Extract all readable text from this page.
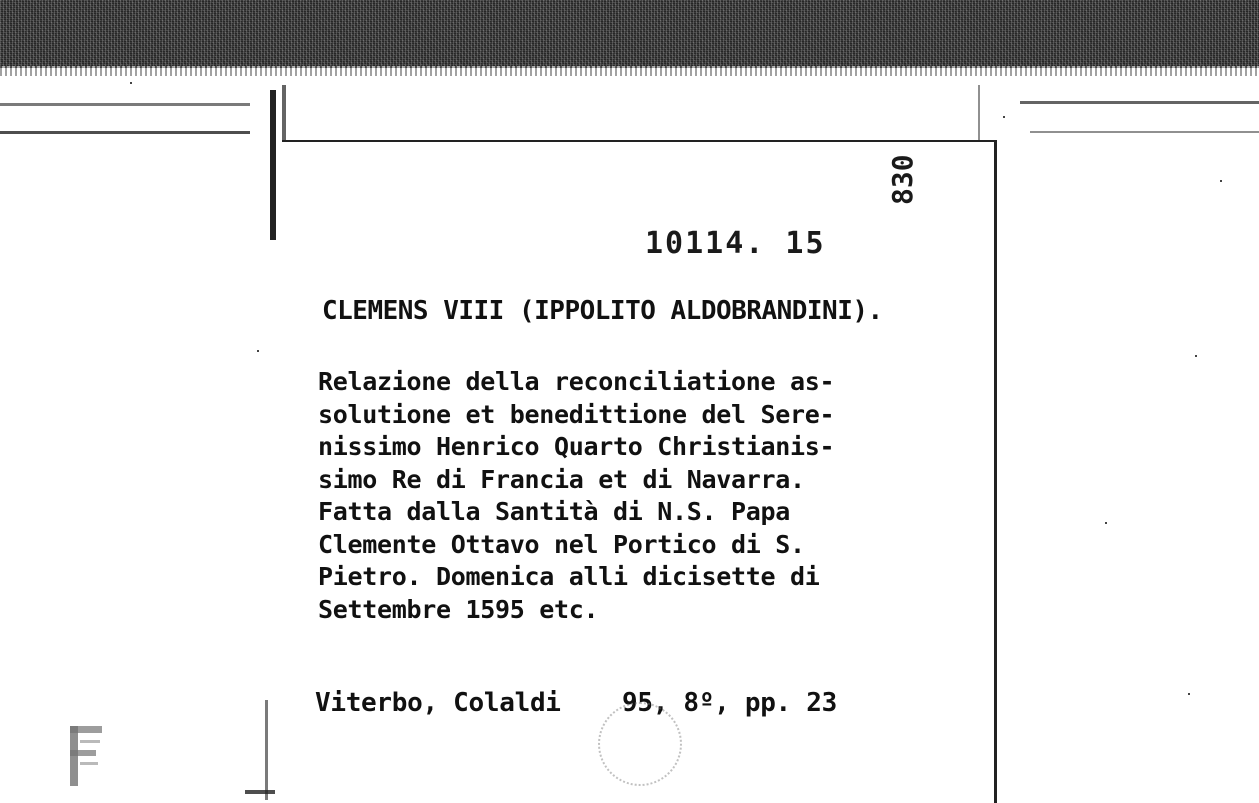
10114. 15
830
CLEMENS VIII (IPPOLITO ALDOBRANDINI).
Relazione della reconciliatione as-
solutione et benedittione del Sere-
nissimo Henrico Quarto Christianis-
simo Re di Francia et di Navarra.
Fatta dalla Santità di N.S. Papa
Clemente Ottavo nel Portico di S.
Pietro. Domenica alli dicisette di
Settembre 1595 etc.
Viterbo, Colaldi 95, 8º, pp. 23
